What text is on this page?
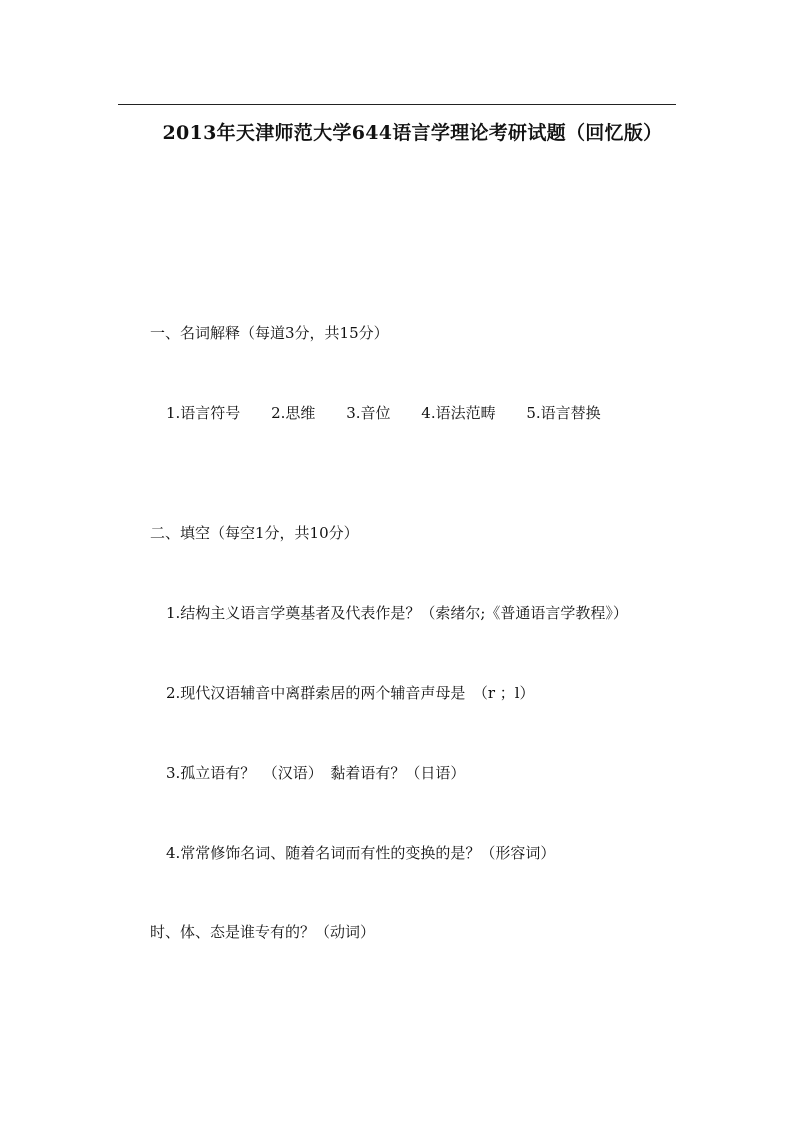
2013年天津师范大学644语言学理论考研试题（回忆版）
一、名词解释（每道3分，共15分）
1.语言符号 2.思维 3.音位 4.语法范畴 5.语言替换
二、填空（每空1分，共10分）
1.结构主义语言学奠基者及代表作是？（索绪尔;《普通语言学教程》）
2.现代汉语辅音中离群索居的两个辅音声母是　（r ；l）
3.孤立语有？　（汉语）　黏着语有？（日语）
4.常常修饰名词、随着名词而有性的变换的是？（形容词）
时、体、态是谁专有的？（动词）
